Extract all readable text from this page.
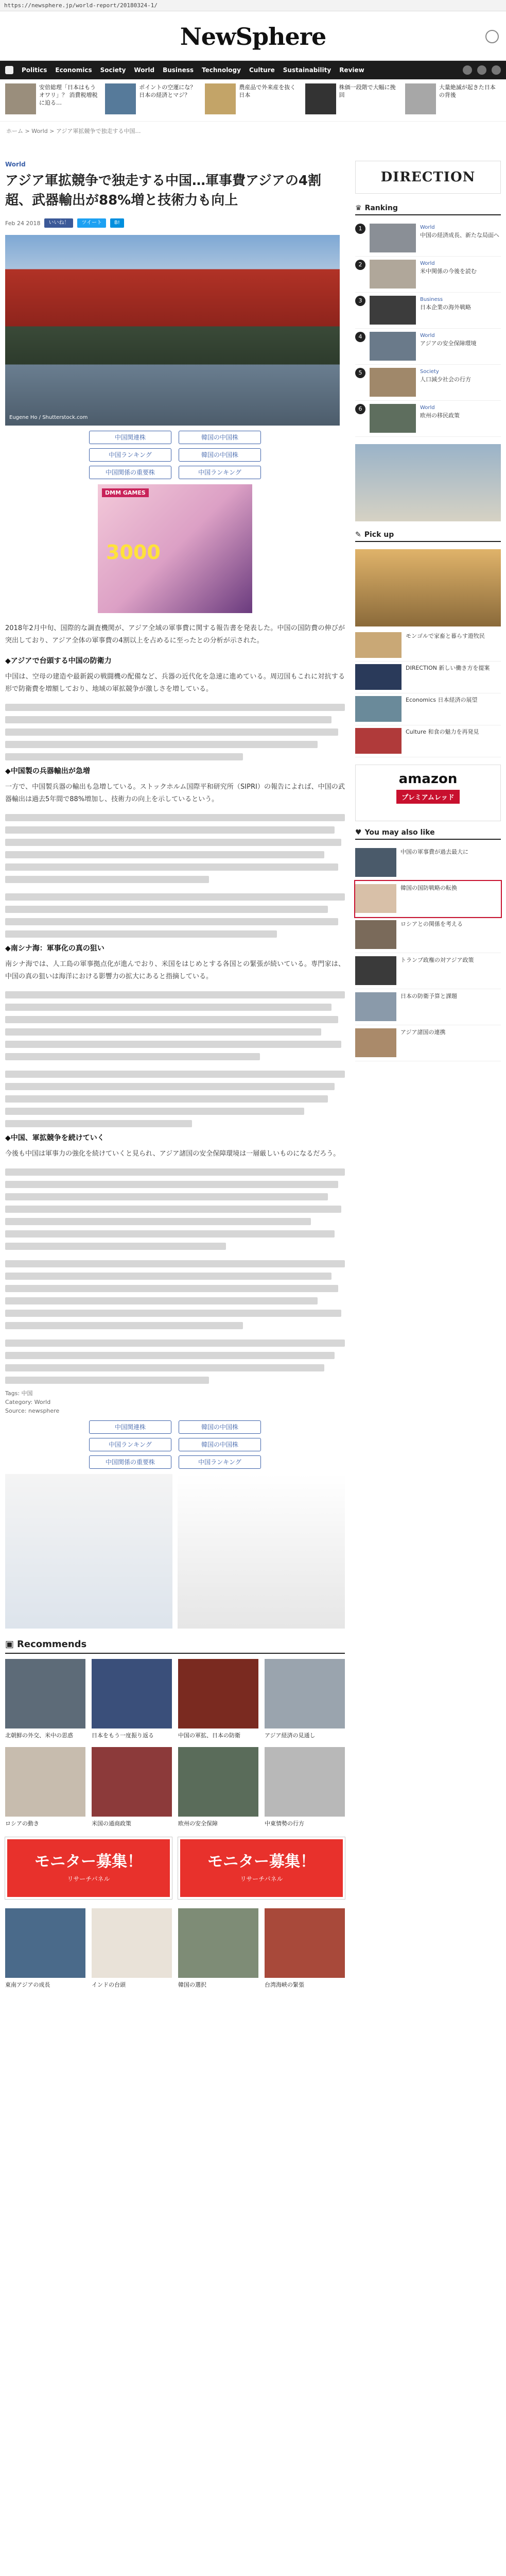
https://newsphere.jp/world-report/20180324-1/
NewSphere
Politics Economics Society World Business Technology Culture Sustainability Review
安倍総理「日本はもうオワリ」？ 消費税増税に迫る…
ポイントの空運にな？ 日本の経済とマジ？
農産品で外来産を抜く日本
株価一段階で大幅に挽回
大量絶滅が起きた日本の背後
ホーム > World > アジア軍拡競争で独走する中国…
World
アジア軍拡競争で独走する中国…軍事費アジアの4割超、武器輸出が88%増と技術力も向上
Feb 24 2018	いいね！	ツイート	B!
Eugene Ho / Shutterstock.com
中国関連株	韓国の中国株
中国ランキング	韓国の中国株
中国関係の重要株	中国ランキング
DMM GAMES
3000

2018年2月中旬、国際的な調査機関が、アジア全域の軍事費に関する報告書を発表した。中国の国防費の伸びが突出しており、アジア全体の軍事費の4割以上を占めるに至ったとの分析が示された。

◆アジアで台頭する中国の防衛力

中国は、空母の建造や最新鋭の戦闘機の配備など、兵器の近代化を急速に進めている。周辺国もこれに対抗する形で防衛費を増額しており、地域の軍拡競争が激しさを増している。

◆中国製の兵器輸出が急増

一方で、中国製兵器の輸出も急増している。ストックホルム国際平和研究所（SIPRI）の報告によれば、中国の武器輸出は過去5年間で88%増加し、技術力の向上を示しているという。

◆南シナ海：軍事化の真の狙い

南シナ海では、人工島の軍事拠点化が進んでおり、米国をはじめとする各国との緊張が続いている。専門家は、中国の真の狙いは海洋における影響力の拡大にあると指摘している。

◆中国、軍拡競争を続けていく

今後も中国は軍事力の強化を続けていくと見られ、アジア諸国の安全保障環境は一層厳しいものになるだろう。

Tags: 中国
Category: World
Source: newsphere
中国関連株	韓国の中国株
中国ランキング	韓国の中国株
中国関係の重要株	中国ランキング
▣ Recommends
北朝鮮の外交、米中の思惑	日本をもう一度振り返る	中国の軍拡、日本の防衛	アジア経済の見通し
ロシアの動き	米国の通商政策	欧州の安全保障	中東情勢の行方
モニター募集！
リサーチパネル
モニター募集！
リサーチパネル
東南アジアの成長	インドの台頭	韓国の選択	台湾海峡の緊張
DIRECTION
♛ Ranking
1	World
中国の経済成長、新たな局面へ
2	World
米中関係の今後を読む
3	Business
日本企業の海外戦略
4	World
アジアの安全保障環境
5	Society
人口減少社会の行方
6	World
欧州の移民政策
✎ Pick up
モンゴルで家畜と暮らす遊牧民
DIRECTION 新しい働き方を提案
Economics 日本経済の展望
Culture 和食の魅力を再発見
amazon
プレミアムレッド
♥ You may also like
中国の軍事費が過去最大に
韓国の国防戦略の転換
ロシアとの関係を考える
トランプ政権の対アジア政策
日本の防衛予算と課題
アジア諸国の連携
